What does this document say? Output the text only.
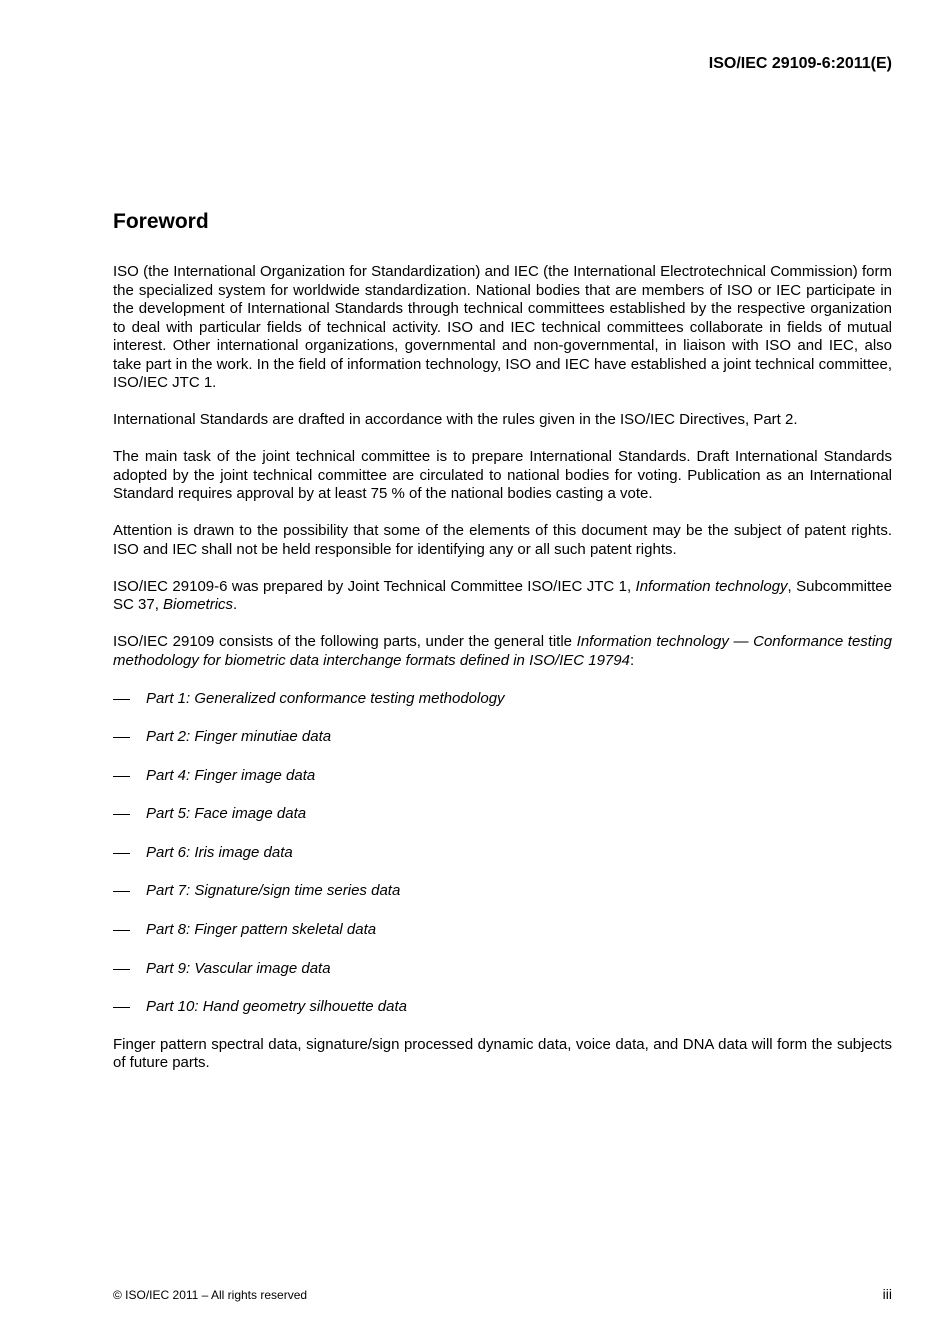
ISO/IEC 29109-6:2011(E)

Foreword

ISO (the International Organization for Standardization) and IEC (the International Electrotechnical Commission) form the specialized system for worldwide standardization. National bodies that are members of ISO or IEC participate in the development of International Standards through technical committees established by the respective organization to deal with particular fields of technical activity. ISO and IEC technical committees collaborate in fields of mutual interest. Other international organizations, governmental and non-governmental, in liaison with ISO and IEC, also take part in the work. In the field of information technology, ISO and IEC have established a joint technical committee, ISO/IEC JTC 1.

International Standards are drafted in accordance with the rules given in the ISO/IEC Directives, Part 2.

The main task of the joint technical committee is to prepare International Standards. Draft International Standards adopted by the joint technical committee are circulated to national bodies for voting. Publication as an International Standard requires approval by at least 75 % of the national bodies casting a vote.

Attention is drawn to the possibility that some of the elements of this document may be the subject of patent rights. ISO and IEC shall not be held responsible for identifying any or all such patent rights.

ISO/IEC 29109-6 was prepared by Joint Technical Committee ISO/IEC JTC 1, Information technology, Subcommittee SC 37, Biometrics.

ISO/IEC 29109 consists of the following parts, under the general title Information technology — Conformance testing methodology for biometric data interchange formats defined in ISO/IEC 19794:

Part 1: Generalized conformance testing methodology
Part 2: Finger minutiae data
Part 4: Finger image data
Part 5: Face image data
Part 6: Iris image data
Part 7: Signature/sign time series data
Part 8: Finger pattern skeletal data
Part 9: Vascular image data
Part 10: Hand geometry silhouette data

Finger pattern spectral data, signature/sign processed dynamic data, voice data, and DNA data will form the subjects of future parts.

© ISO/IEC 2011 – All rights reserved	iii
